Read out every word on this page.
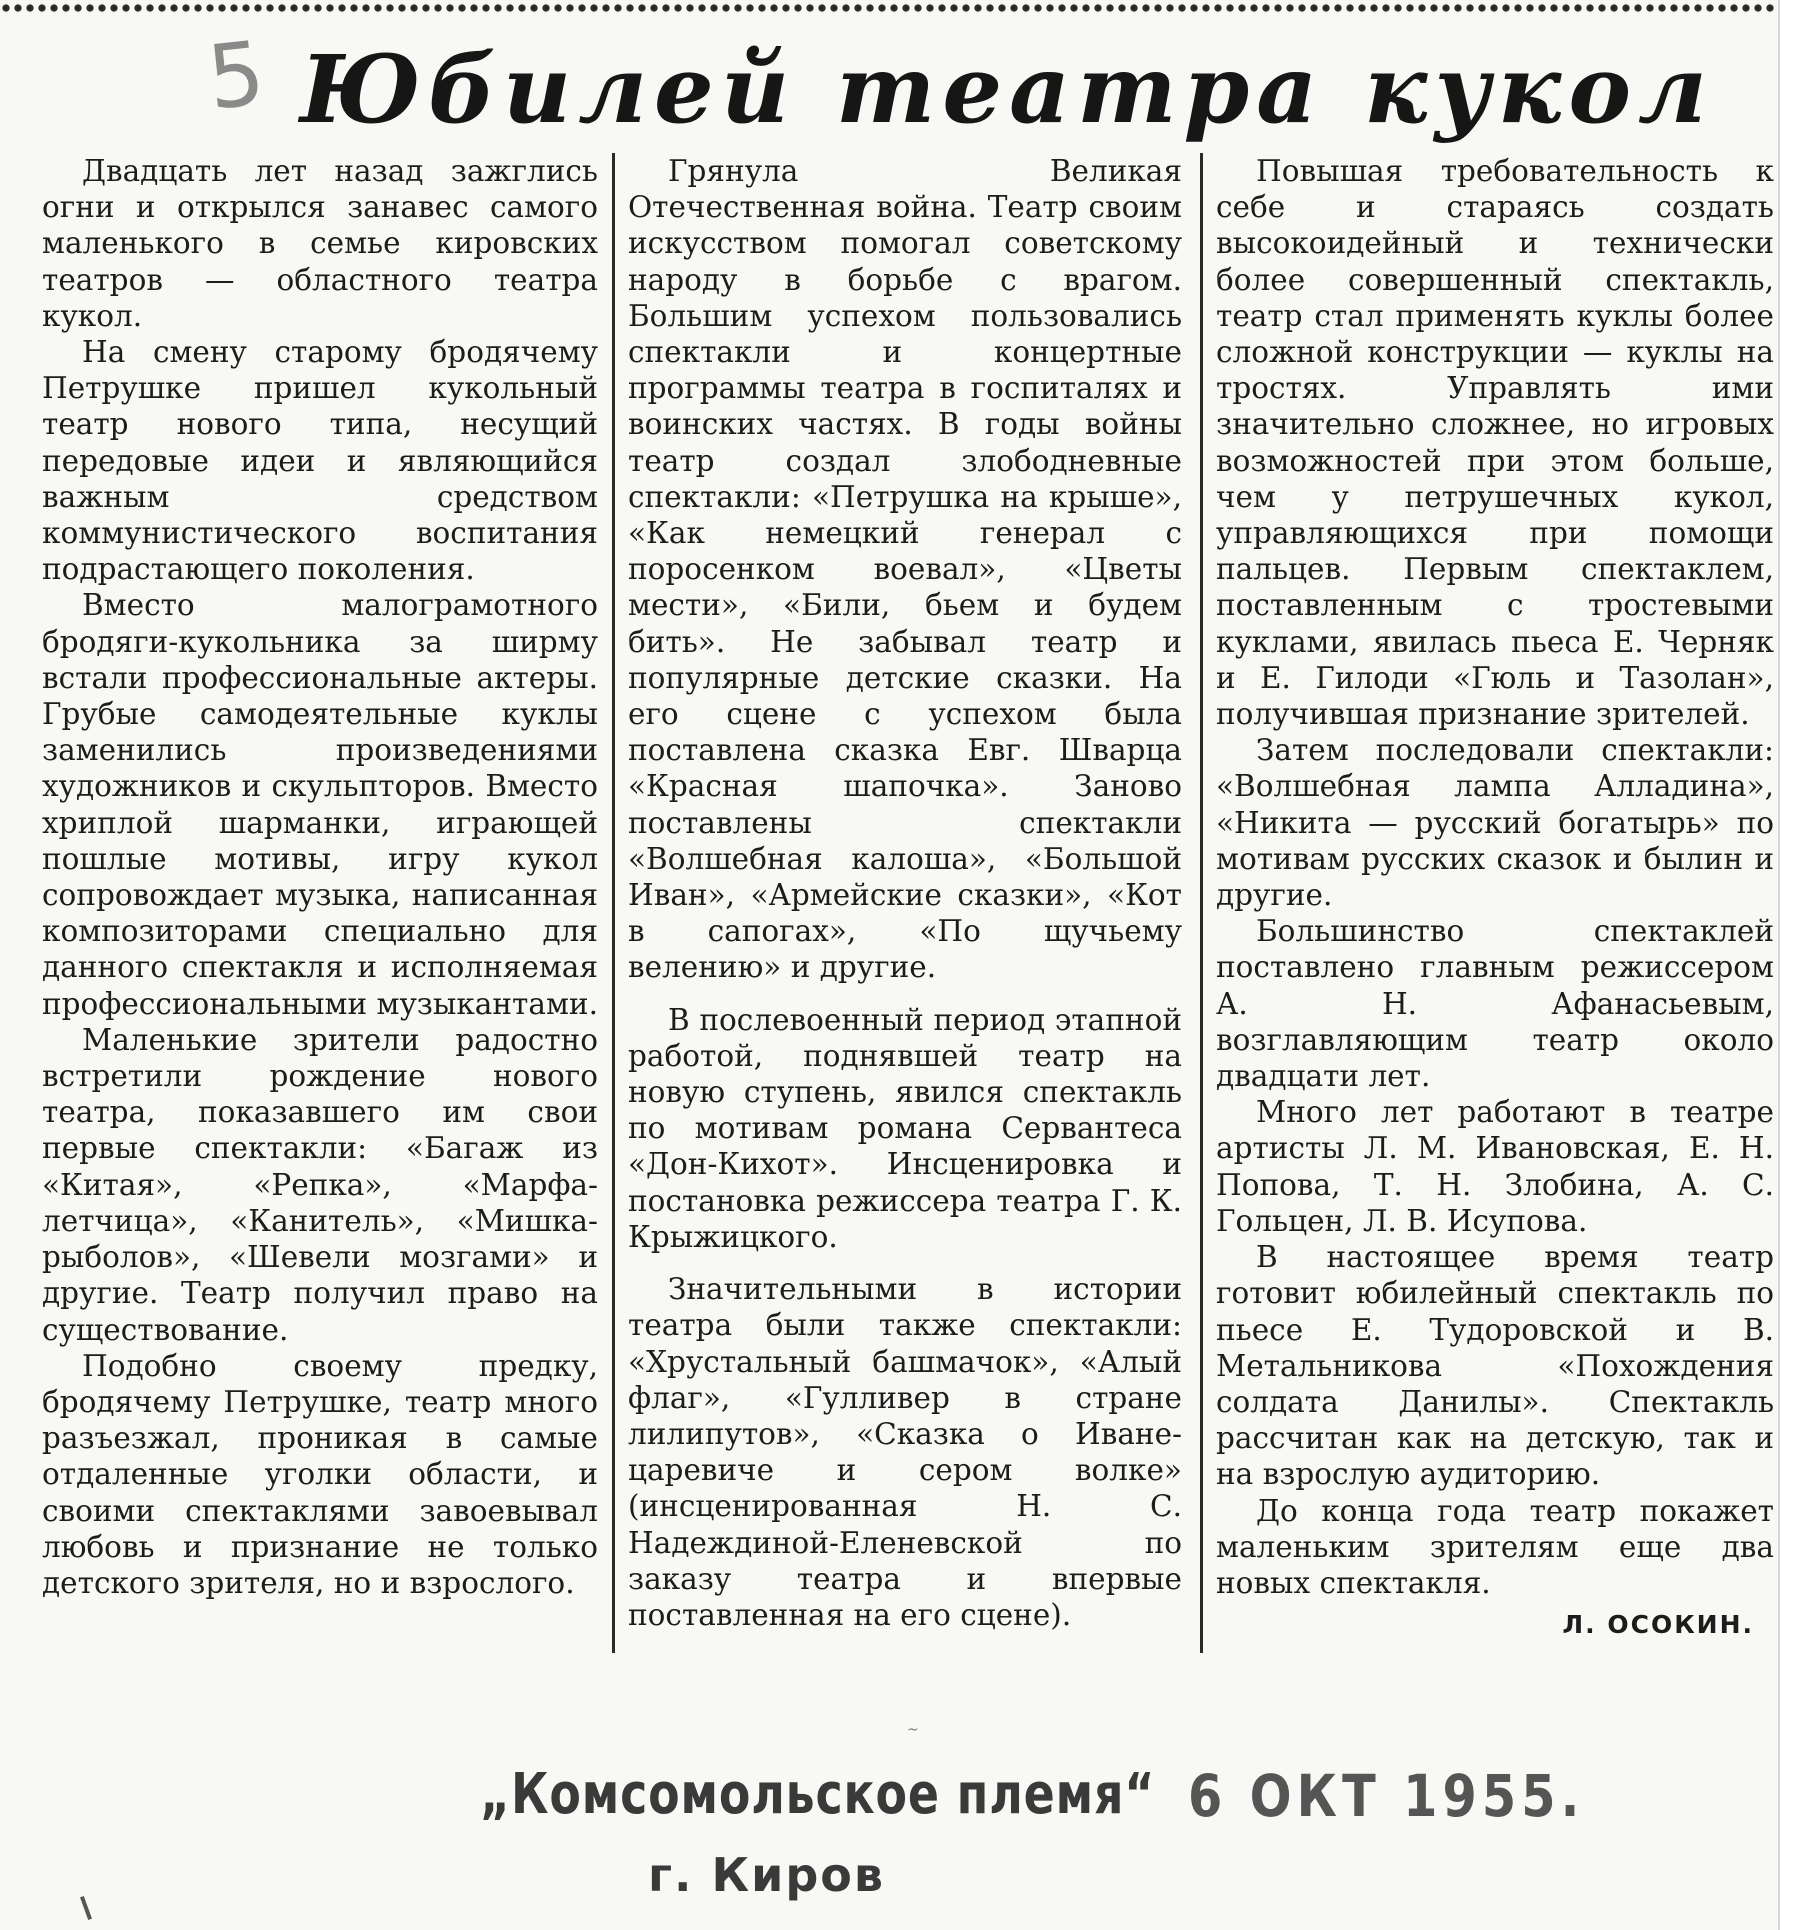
5 Юбилей театра кукол

Двадцать лет назад зажглись огни и открылся занавес самого маленького в семье кировских театров — областного театра кукол.

На смену старому бродячему Петрушке пришел кукольный театр нового типа, несущий передовые идеи и являющийся важным средством коммунистического воспитания подрастающего поколения.

Вместо малограмотного бродяги-кукольника за ширму встали профессиональные актеры. Грубые самодеятельные куклы заменились произведениями художников и скульпторов. Вместо хриплой шарманки, играющей пошлые мотивы, игру кукол сопровождает музыка, написанная композиторами специально для данного спектакля и исполняемая профессиональными музыкантами.

Маленькие зрители радостно встретили рождение нового театра, показавшего им свои первые спектакли: «Багаж из «Китая», «Репка», «Марфа-летчица», «Канитель», «Мишка-рыболов», «Шевели мозгами» и другие. Театр получил право на существование.

Подобно своему предку, бродячему Петрушке, театр много разъезжал, проникая в самые отдаленные уголки области, и своими спектаклями завоевывал любовь и признание не только детского зрителя, но и взрослого.

Грянула Великая Отечественная война. Театр своим искусством помогал советскому народу в борьбе с врагом. Большим успехом пользовались спектакли и концертные программы театра в госпиталях и воинских частях. В годы войны театр создал злободневные спектакли: «Петрушка на крыше», «Как немецкий генерал с поросенком воевал», «Цветы мести», «Били, бьем и будем бить». Не забывал театр и популярные детские сказки. На его сцене с успехом была поставлена сказка Евг. Шварца «Красная шапочка». Заново поставлены спектакли «Волшебная калоша», «Большой Иван», «Армейские сказки», «Кот в сапогах», «По щучьему велению» и другие.

В послевоенный период этапной работой, поднявшей театр на новую ступень, явился спектакль по мотивам романа Сервантеса «Дон-Кихот». Инсценировка и постановка режиссера театра Г. К. Крыжицкого.

Значительными в истории театра были также спектакли: «Хрустальный башмачок», «Алый флаг», «Гулливер в стране лилипутов», «Сказка о Иване-царевиче и сером волке» (инсценированная Н. С. Надеждиной-Еленевской по заказу театра и впервые поставленная на его сцене).

Повышая требовательность к себе и стараясь создать высокоидейный и технически более совершенный спектакль, театр стал применять куклы более сложной конструкции — куклы на тростях. Управлять ими значительно сложнее, но игровых возможностей при этом больше, чем у петрушечных кукол, управляющихся при помощи пальцев. Первым спектаклем, поставленным с тростевыми куклами, явилась пьеса Е. Черняк и Е. Гилоди «Гюль и Тазолан», получившая признание зрителей.

Затем последовали спектакли: «Волшебная лампа Алладина», «Никита — русский богатырь» по мотивам русских сказок и былин и другие.

Большинство спектаклей поставлено главным режиссером А. Н. Афанасьевым, возглавляющим театр около двадцати лет.

Много лет работают в театре артисты Л. М. Ивановская, Е. Н. Попова, Т. Н. Злобина, А. С. Гольцен, Л. В. Исупова.

В настоящее время театр готовит юбилейный спектакль по пьесе Е. Тудоровской и В. Метальникова «Похождения солдата Данилы». Спектакль рассчитан как на детскую, так и на взрослую аудиторию.

До конца года театр покажет маленьким зрителям еще два новых спектакля.

Л. ОСОКИН.
~
„Комсомольское племя“
г. Киров
6 ОКТ 1955.
